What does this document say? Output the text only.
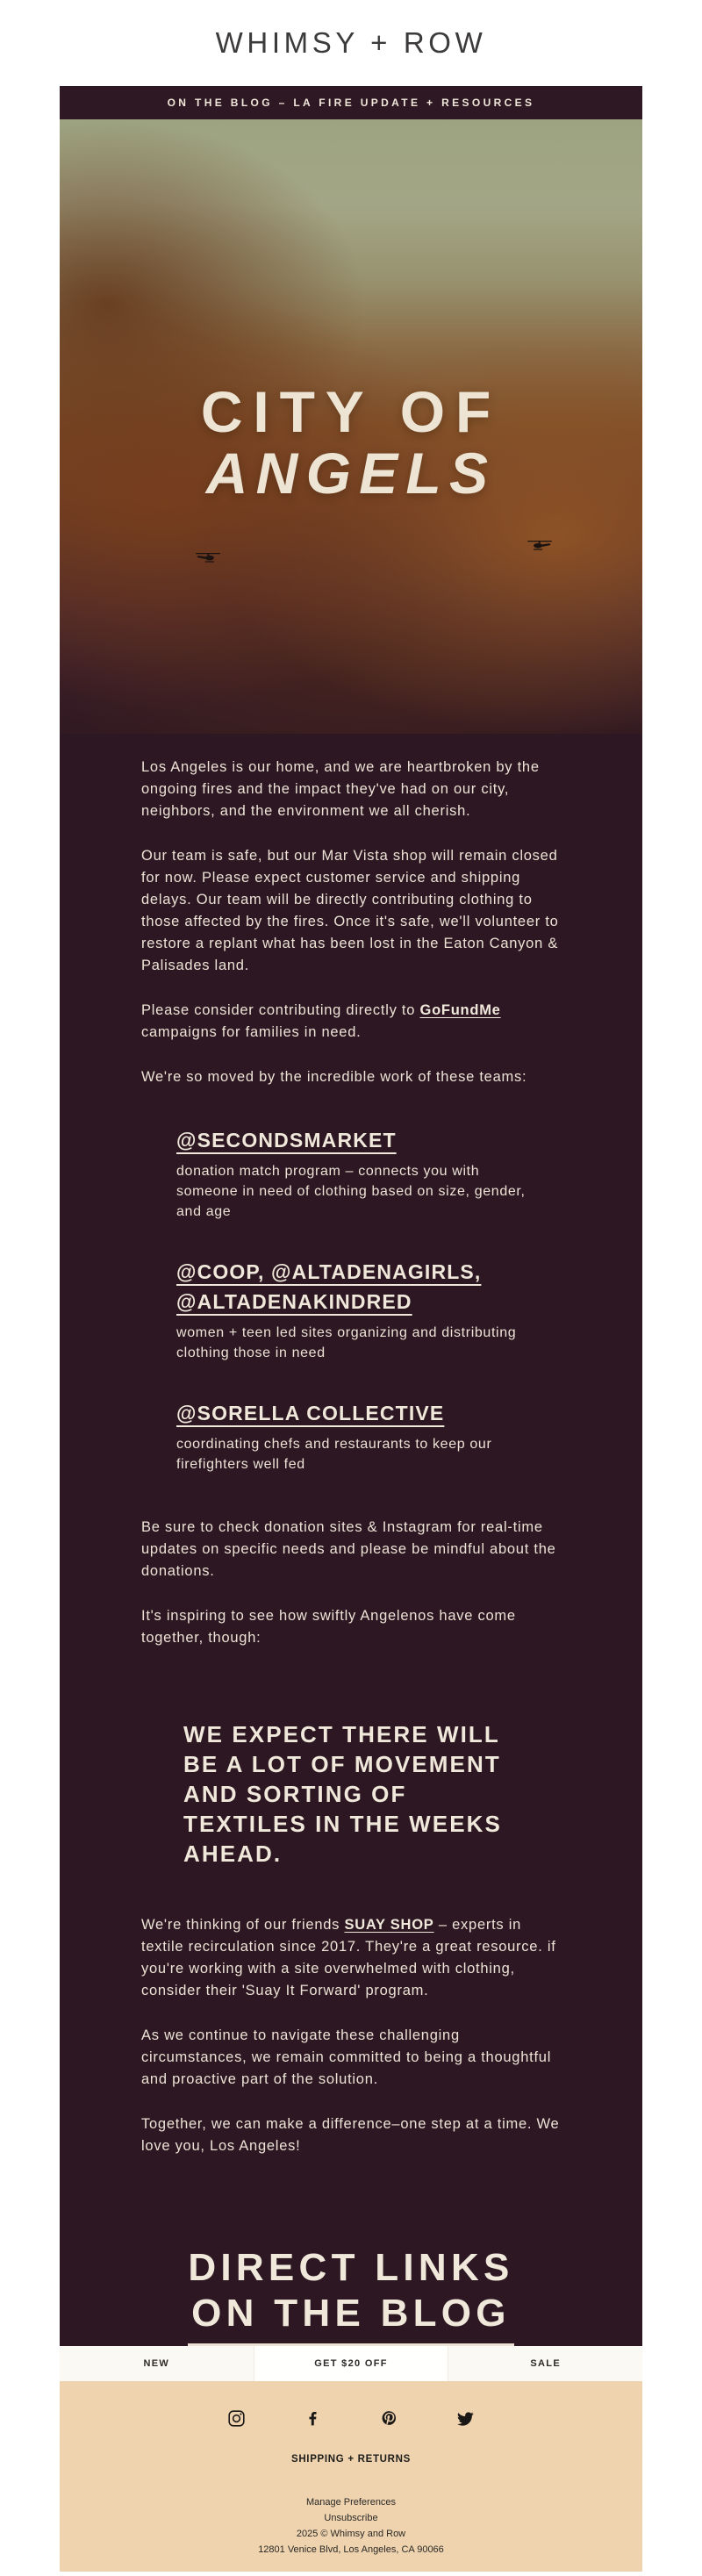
WHIMSY + ROW
ON THE BLOG – LA FIRE UPDATE + RESOURCES
CITY OF
ANGELS

Los Angeles is our home, and we are heartbroken by the ongoing fires and the impact they've had on our city, neighbors, and the environment we all cherish.

Our team is safe, but our Mar Vista shop will remain closed for now. Please expect customer service and shipping delays. Our team will be directly contributing clothing to those affected by the fires. Once it's safe, we'll volunteer to restore a replant what has been lost in the Eaton Canyon & Palisades land.

Please consider contributing directly to GoFundMe campaigns for families in need.

We're so moved by the incredible work of these teams:

@SECONDSMARKET
donation match program – connects you with someone in need of clothing based on size, gender, and age
@COOP, @ALTADENAGIRLS, @ALTADENAKINDRED
women + teen led sites organizing and distributing clothing those in need
@SORELLA COLLECTIVE
coordinating chefs and restaurants to keep our firefighters well fed

Be sure to check donation sites & Instagram for real-time updates on specific needs and please be mindful about the donations.

It's inspiring to see how swiftly Angelenos have come together, though:

WE EXPECT THERE WILL BE A LOT OF MOVEMENT AND SORTING OF TEXTILES IN THE WEEKS AHEAD.

We're thinking of our friends SUAY SHOP – experts in textile recirculation since 2017. They're a great resource. if you're working with a site overwhelmed with clothing, consider their 'Suay It Forward' program.

As we continue to navigate these challenging circumstances, we remain committed to being a thoughtful and proactive part of the solution.

Together, we can make a difference–one step at a time. We love you, Los Angeles!

DIRECT LINKS
ON THE BLOG
NEW	GET $20 OFF	SALE
SHIPPING + RETURNS
Manage Preferences
Unsubscribe
2025 © Whimsy and Row
12801 Venice Blvd, Los Angeles, CA 90066
